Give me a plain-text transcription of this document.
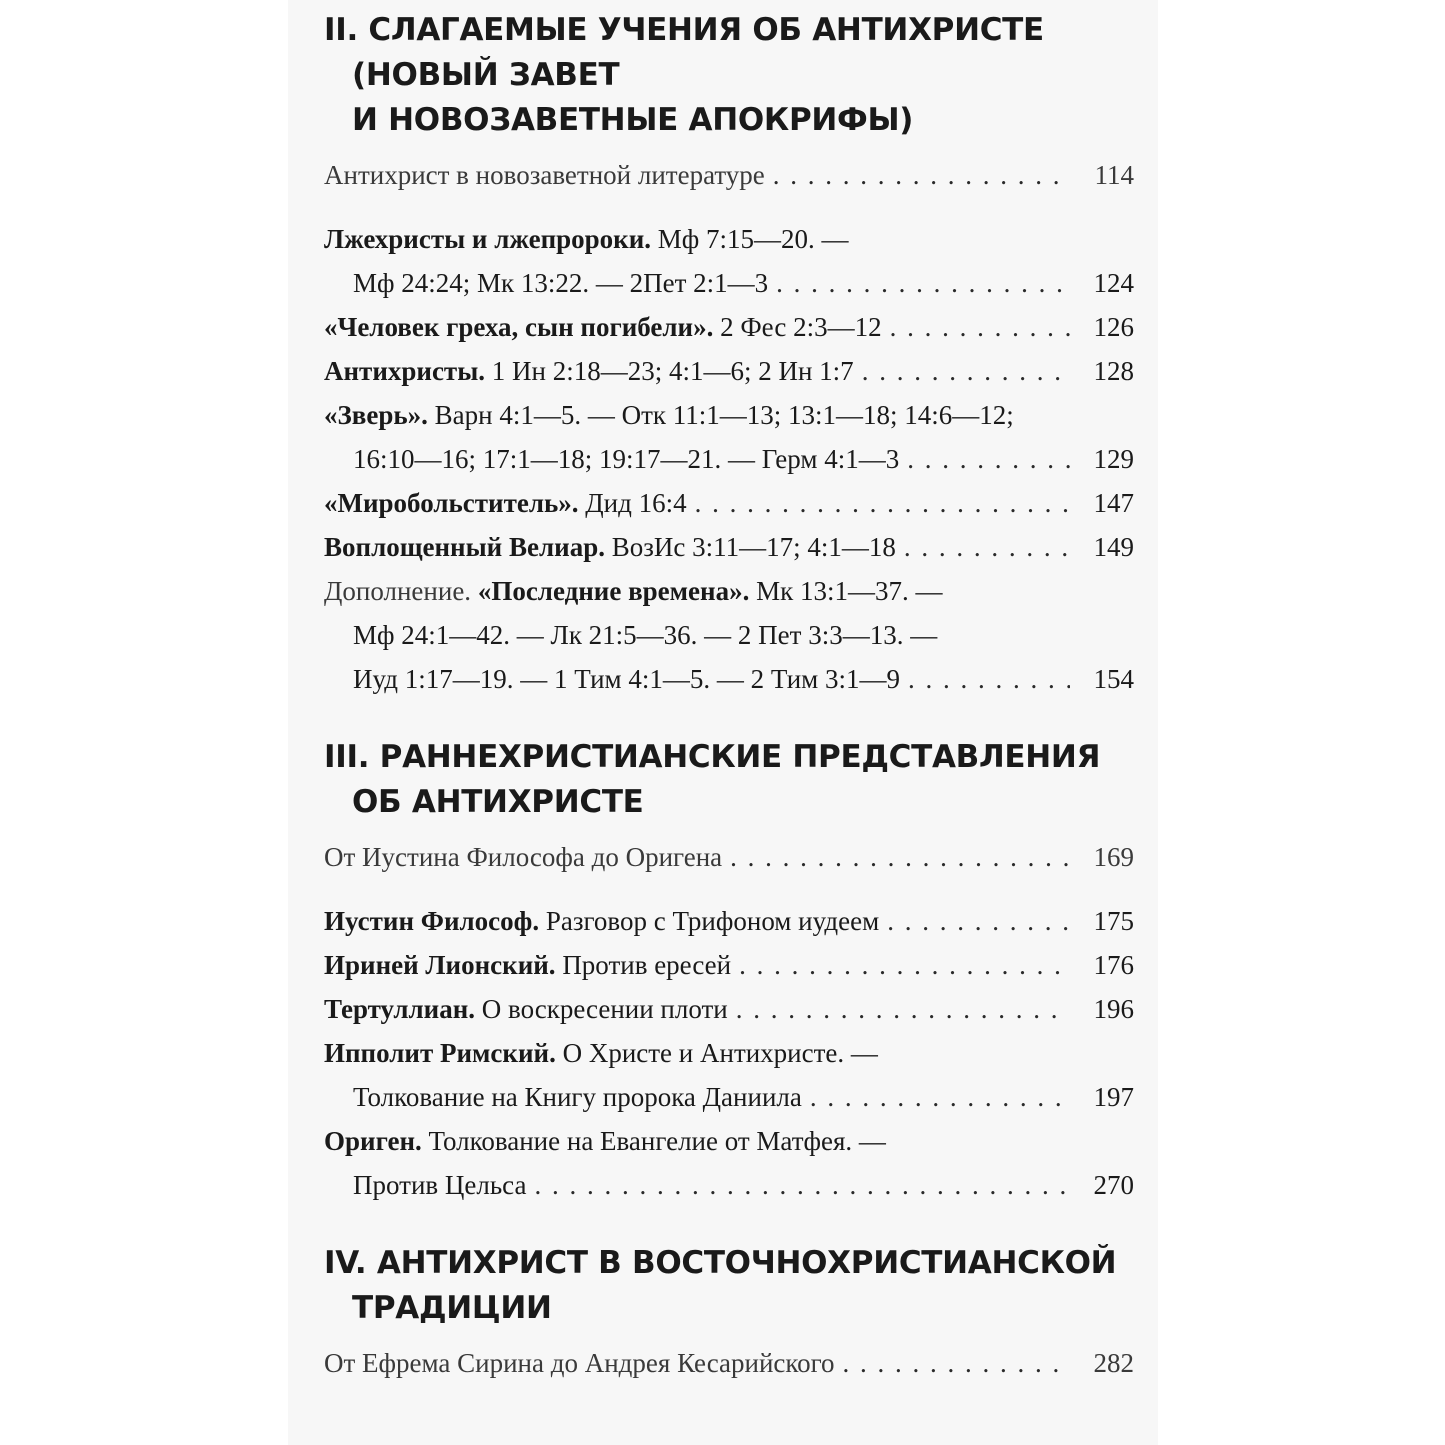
II. СЛАГАЕМЫЕ УЧЕНИЯ ОБ АНТИХРИСТЕ
(НОВЫЙ ЗАВЕТ
И НОВОЗАВЕТНЫЕ АПОКРИФЫ)
Антихрист в новозаветной литературе . . .	114
Лжехристы и лжепророки. Мф 7:15—20. —
Мф 24:24; Мк 13:22. — 2Пет 2:1—3 . . .	124
«Человек греха, сын погибели».
2 Фес 2:3—12 . . .	126
Антихристы.
1 Ин 2:18—23; 4:1—6; 2 Ин 1:7 . . .	128
«Зверь». Варн 4:1—5. — Отк 11:1—13; 13:1—18; 14:6—12;
16:10—16; 17:1—18; 19:17—21. — Герм 4:1—3 . . .	129
«Миробольститель».
Дид 16:4 . . .	147
Воплощенный Велиар.
ВозИс 3:11—17; 4:1—18 . . .	149
Дополнение. «Последние времена». Мк 13:1—37. —
Мф 24:1—42. — Лк 21:5—36. — 2 Пет 3:3—13. —
Иуд 1:17—19. — 1 Тим 4:1—5. — 2 Тим 3:1—9 . . .	154
III. РАННЕХРИСТИАНСКИЕ ПРЕДСТАВЛЕНИЯ
ОБ АНТИХРИСТЕ
От Иустина Философа до Оригена . . .	169
Иустин Философ.
Разговор с Трифоном иудеем . . .	175
Ириней Лионский.
Против ересей . . .	176
Тертуллиан.
О воскресении плоти . . .	196
Ипполит Римский. О Христе и Антихристе. —
Толкование на Книгу пророка Даниила . . .	197
Ориген. Толкование на Евангелие от Матфея. —
Против Цельса . . .	270
IV. АНТИХРИСТ В ВОСТОЧНОХРИСТИАНСКОЙ
ТРАДИЦИИ
От Ефрема Сирина до Андрея Кесарийского . . .	282
